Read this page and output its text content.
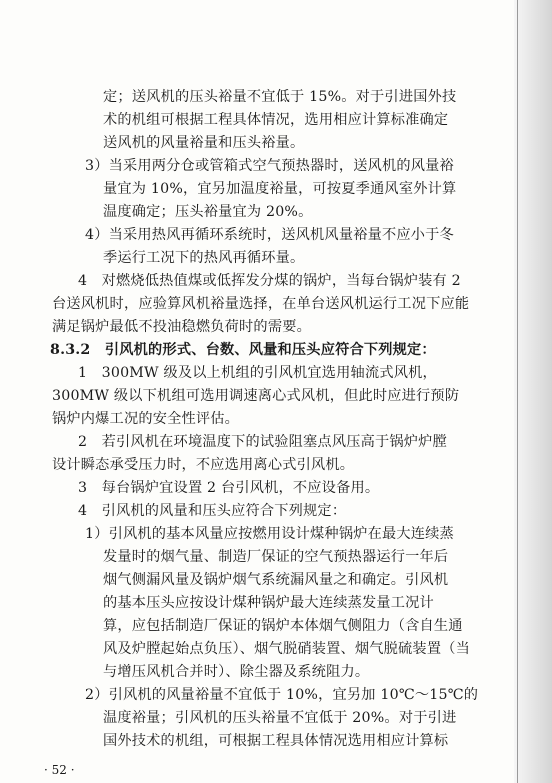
定；送风机的压头裕量不宜低于 15%。对于引进国外技
术的机组可根据工程具体情况，选用相应计算标准确定
送风机的风量裕量和压头裕量。
3）当采用两分仓或管箱式空气预热器时，送风机的风量裕
量宜为 10%，宜另加温度裕量，可按夏季通风室外计算
温度确定；压头裕量宜为 20%。
4）当采用热风再循环系统时，送风机风量裕量不应小于冬
季运行工况下的热风再循环量。
4　对燃烧低热值煤或低挥发分煤的锅炉，当每台锅炉装有 2
台送风机时，应验算风机裕量选择，在单台送风机运行工况下应能
满足锅炉最低不投油稳燃负荷时的需要。
8.3.2　引风机的形式、台数、风量和压头应符合下列规定：
1　300MW 级及以上机组的引风机宜选用轴流式风机，
300MW 级以下机组可选用调速离心式风机，但此时应进行预防
锅炉内爆工况的安全性评估。
2　若引风机在环境温度下的试验阻塞点风压高于锅炉炉膛
设计瞬态承受压力时，不应选用离心式引风机。
3　每台锅炉宜设置 2 台引风机，不应设备用。
4　引风机的风量和压头应符合下列规定：
1）引风机的基本风量应按燃用设计煤种锅炉在最大连续蒸
发量时的烟气量、制造厂保证的空气预热器运行一年后
烟气侧漏风量及锅炉烟气系统漏风量之和确定。引风机
的基本压头应按设计煤种锅炉最大连续蒸发量工况计
算，应包括制造厂保证的锅炉本体烟气侧阻力（含自生通
风及炉膛起始点负压）、烟气脱硝装置、烟气脱硫装置（当
与增压风机合并时）、除尘器及系统阻力。
2）引风机的风量裕量不宜低于 10%，宜另加 10℃～15℃的
温度裕量；引风机的压头裕量不宜低于 20%。对于引进
国外技术的机组，可根据工程具体情况选用相应计算标
· 52 ·
